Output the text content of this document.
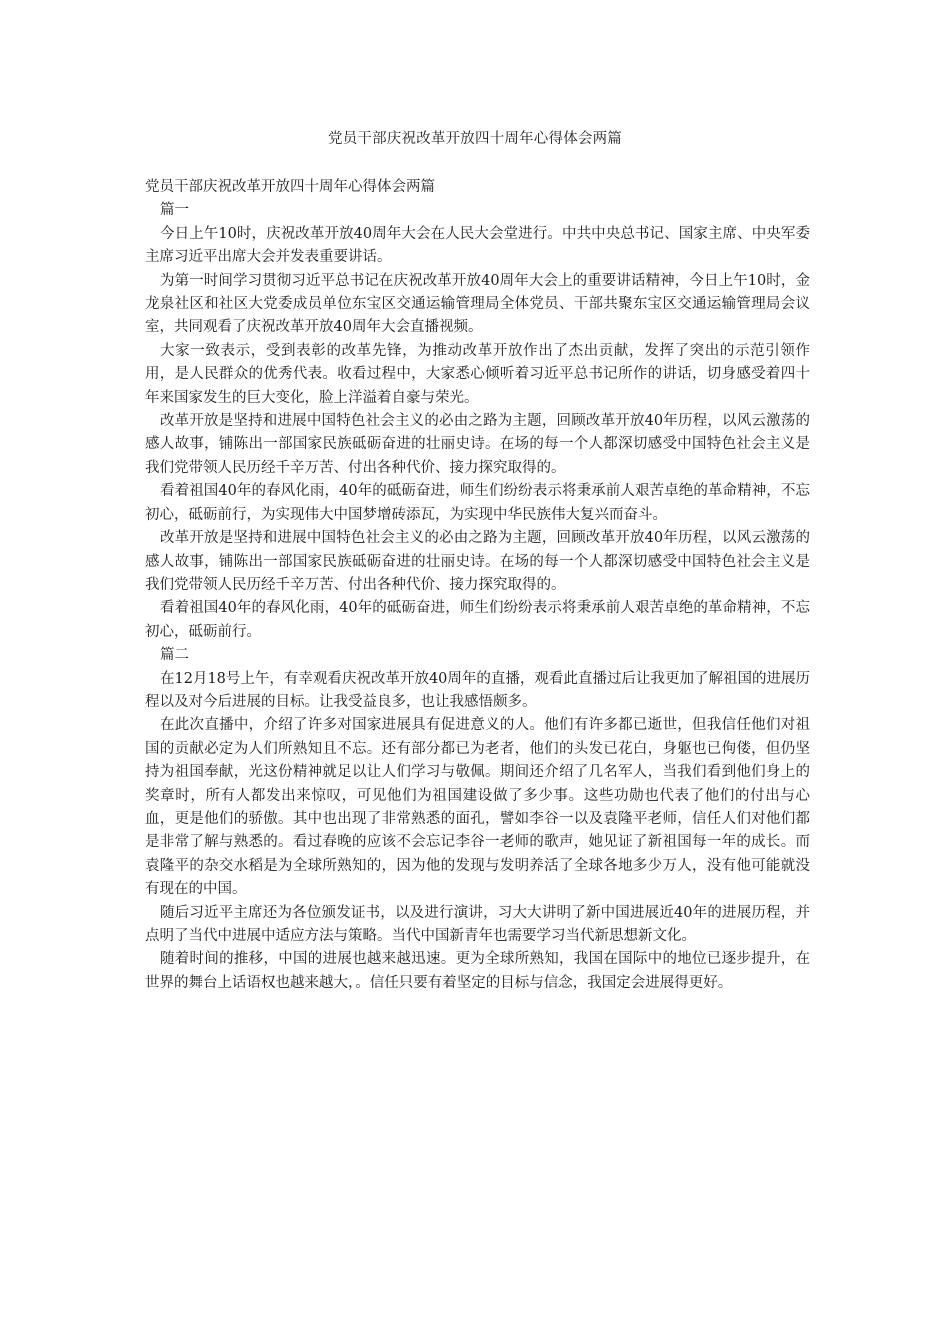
党员干部庆祝改革开放四十周年心得体会两篇

党员干部庆祝改革开放四十周年心得体会两篇

篇一

今日上午10时，庆祝改革开放40周年大会在人民大会堂进行。中共中央总书记、国家主席、中央军委主席习近平出席大会并发表重要讲话。

为第一时间学习贯彻习近平总书记在庆祝改革开放40周年大会上的重要讲话精神，今日上午10时，金龙泉社区和社区大党委成员单位东宝区交通运输管理局全体党员、干部共聚东宝区交通运输管理局会议室，共同观看了庆祝改革开放40周年大会直播视频。

大家一致表示，受到表彰的改革先锋，为推动改革开放作出了杰出贡献，发挥了突出的示范引领作用，是人民群众的优秀代表。收看过程中，大家悉心倾听着习近平总书记所作的讲话，切身感受着四十年来国家发生的巨大变化，脸上洋溢着自豪与荣光。

改革开放是坚持和进展中国特色社会主义的必由之路为主题，回顾改革开放40年历程，以风云激荡的感人故事，铺陈出一部国家民族砥砺奋进的壮丽史诗。在场的每一个人都深切感受中国特色社会主义是我们党带领人民历经千辛万苦、付出各种代价、接力探究取得的。

看着祖国40年的春风化雨，40年的砥砺奋进，师生们纷纷表示将秉承前人艰苦卓绝的革命精神，不忘初心，砥砺前行，为实现伟大中国梦增砖添瓦，为实现中华民族伟大复兴而奋斗。

改革开放是坚持和进展中国特色社会主义的必由之路为主题，回顾改革开放40年历程，以风云激荡的感人故事，铺陈出一部国家民族砥砺奋进的壮丽史诗。在场的每一个人都深切感受中国特色社会主义是我们党带领人民历经千辛万苦、付出各种代价、接力探究取得的。

看着祖国40年的春风化雨，40年的砥砺奋进，师生们纷纷表示将秉承前人艰苦卓绝的革命精神，不忘初心，砥砺前行。

篇二

在12月18号上午，有幸观看庆祝改革开放40周年的直播，观看此直播过后让我更加了解祖国的进展历程以及对今后进展的目标。让我受益良多，也让我感悟颇多。

在此次直播中，介绍了许多对国家进展具有促进意义的人。他们有许多都已逝世，但我信任他们对祖国的贡献必定为人们所熟知且不忘。还有部分都已为老者，他们的头发已花白，身躯也已佝偻，但仍坚持为祖国奉献，光这份精神就足以让人们学习与敬佩。期间还介绍了几名军人，当我们看到他们身上的奖章时，所有人都发出来惊叹，可见他们为祖国建设做了多少事。这些功勋也代表了他们的付出与心血，更是他们的骄傲。其中也出现了非常熟悉的面孔，譬如李谷一以及袁隆平老师，信任人们对他们都是非常了解与熟悉的。看过春晚的应该不会忘记李谷一老师的歌声，她见证了新祖国每一年的成长。而袁隆平的杂交水稻是为全球所熟知的，因为他的发现与发明养活了全球各地多少万人，没有他可能就没有现在的中国。

随后习近平主席还为各位颁发证书，以及进行演讲，习大大讲明了新中国进展近40年的进展历程，并点明了当代中进展中适应方法与策略。当代中国新青年也需要学习当代新思想新文化。

随着时间的推移，中国的进展也越来越迅速。更为全球所熟知，我国在国际中的地位已逐步提升，在世界的舞台上话语权也越来越大，。信任只要有着坚定的目标与信念，我国定会进展得更好。
